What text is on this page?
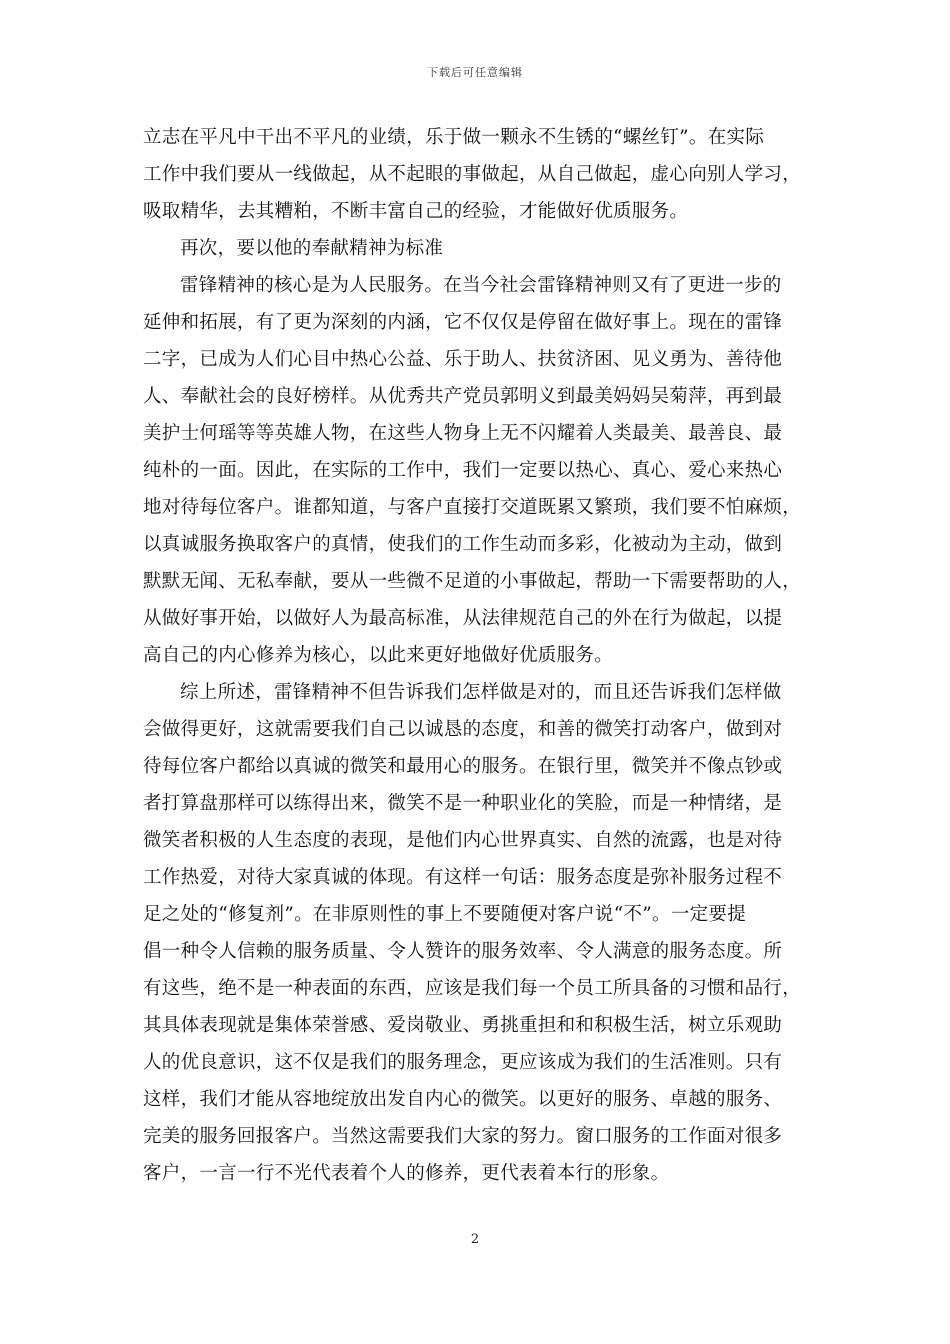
下载后可任意编辑
立志在平凡中干出不平凡的业绩，乐于做一颗永不生锈的“螺丝钉”。在实际
工作中我们要从一线做起，从不起眼的事做起，从自己做起，虚心向别人学习，
吸取精华，去其糟粕，不断丰富自己的经验，才能做好优质服务。
再次，要以他的奉献精神为标准
雷锋精神的核心是为人民服务。在当今社会雷锋精神则又有了更进一步的
延伸和拓展，有了更为深刻的内涵，它不仅仅是停留在做好事上。现在的雷锋
二字，已成为人们心目中热心公益、乐于助人、扶贫济困、见义勇为、善待他
人、奉献社会的良好榜样。从优秀共产党员郭明义到最美妈妈吴菊萍，再到最
美护士何瑶等等英雄人物，在这些人物身上无不闪耀着人类最美、最善良、最
纯朴的一面。因此，在实际的工作中，我们一定要以热心、真心、爱心来热心
地对待每位客户。谁都知道，与客户直接打交道既累又繁琐，我们要不怕麻烦，
以真诚服务换取客户的真情，使我们的工作生动而多彩，化被动为主动，做到
默默无闻、无私奉献，要从一些微不足道的小事做起，帮助一下需要帮助的人，
从做好事开始，以做好人为最高标准，从法律规范自己的外在行为做起，以提
高自己的内心修养为核心，以此来更好地做好优质服务。
综上所述，雷锋精神不但告诉我们怎样做是对的，而且还告诉我们怎样做
会做得更好，这就需要我们自己以诚恳的态度，和善的微笑打动客户，做到对
待每位客户都给以真诚的微笑和最用心的服务。在银行里，微笑并不像点钞或
者打算盘那样可以练得出来，微笑不是一种职业化的笑脸，而是一种情绪，是
微笑者积极的人生态度的表现，是他们内心世界真实、自然的流露，也是对待
工作热爱，对待大家真诚的体现。有这样一句话：服务态度是弥补服务过程不
足之处的“修复剂”。在非原则性的事上不要随便对客户说“不”。一定要提
倡一种令人信赖的服务质量、令人赞许的服务效率、令人满意的服务态度。所
有这些，绝不是一种表面的东西，应该是我们每一个员工所具备的习惯和品行，
其具体表现就是集体荣誉感、爱岗敬业、勇挑重担和和积极生活，树立乐观助
人的优良意识，这不仅是我们的服务理念，更应该成为我们的生活准则。只有
这样，我们才能从容地绽放出发自内心的微笑。以更好的服务、卓越的服务、
完美的服务回报客户。当然这需要我们大家的努力。窗口服务的工作面对很多
客户，一言一行不光代表着个人的修养，更代表着本行的形象。
2
